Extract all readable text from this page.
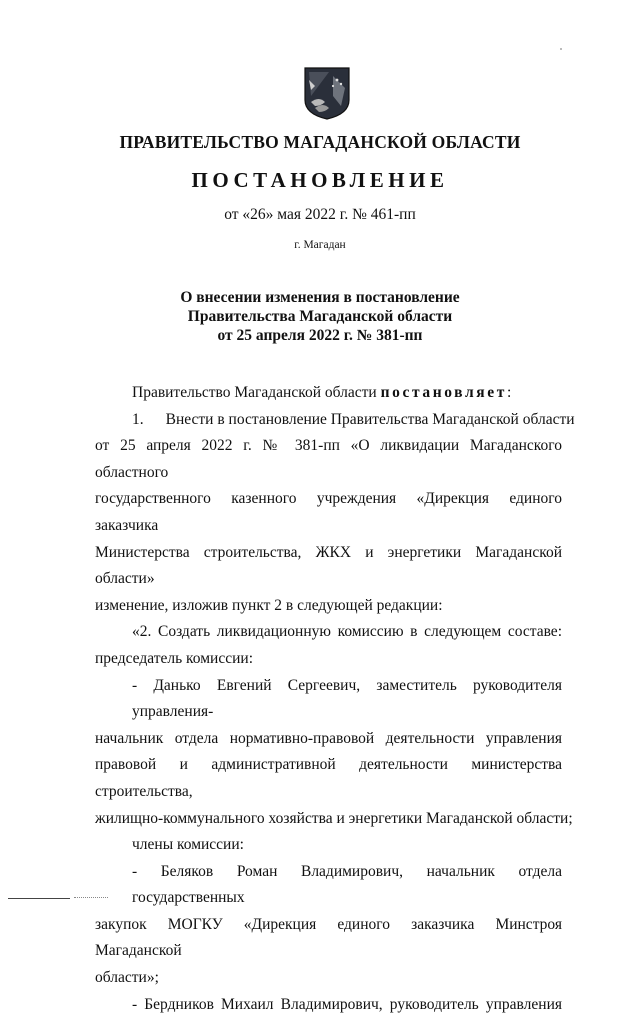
ПРАВИТЕЛЬСТВО МАГАДАНСКОЙ ОБЛАСТИ
ПОСТАНОВЛЕНИЕ
от «26» мая 2022 г. № 461-пп
г. Магадан
О внесении изменения в постановление
Правительства Магаданской области
от 25 апреля 2022 г. № 381-пп
Правительство Магаданской области постановляет:
1. Внести в постановление Правительства Магаданской области
от 25 апреля 2022 г. № 381-пп «О ликвидации Магаданского областного
государственного казенного учреждения «Дирекция единого заказчика
Министерства строительства, ЖКХ и энергетики Магаданской области»
изменение, изложив пункт 2 в следующей редакции:
«2. Создать ликвидационную комиссию в следующем составе:
председатель комиссии:
- Данько Евгений Сергеевич, заместитель руководителя управления-
начальник отдела нормативно-правовой деятельности управления
правовой и административной деятельности министерства строительства,
жилищно-коммунального хозяйства и энергетики Магаданской области;
члены комиссии:
- Беляков Роман Владимирович, начальник отдела государственных
закупок МОГКУ «Дирекция единого заказчика Минстроя Магаданской
области»;
- Бердников Михаил Владимирович, руководитель управления
